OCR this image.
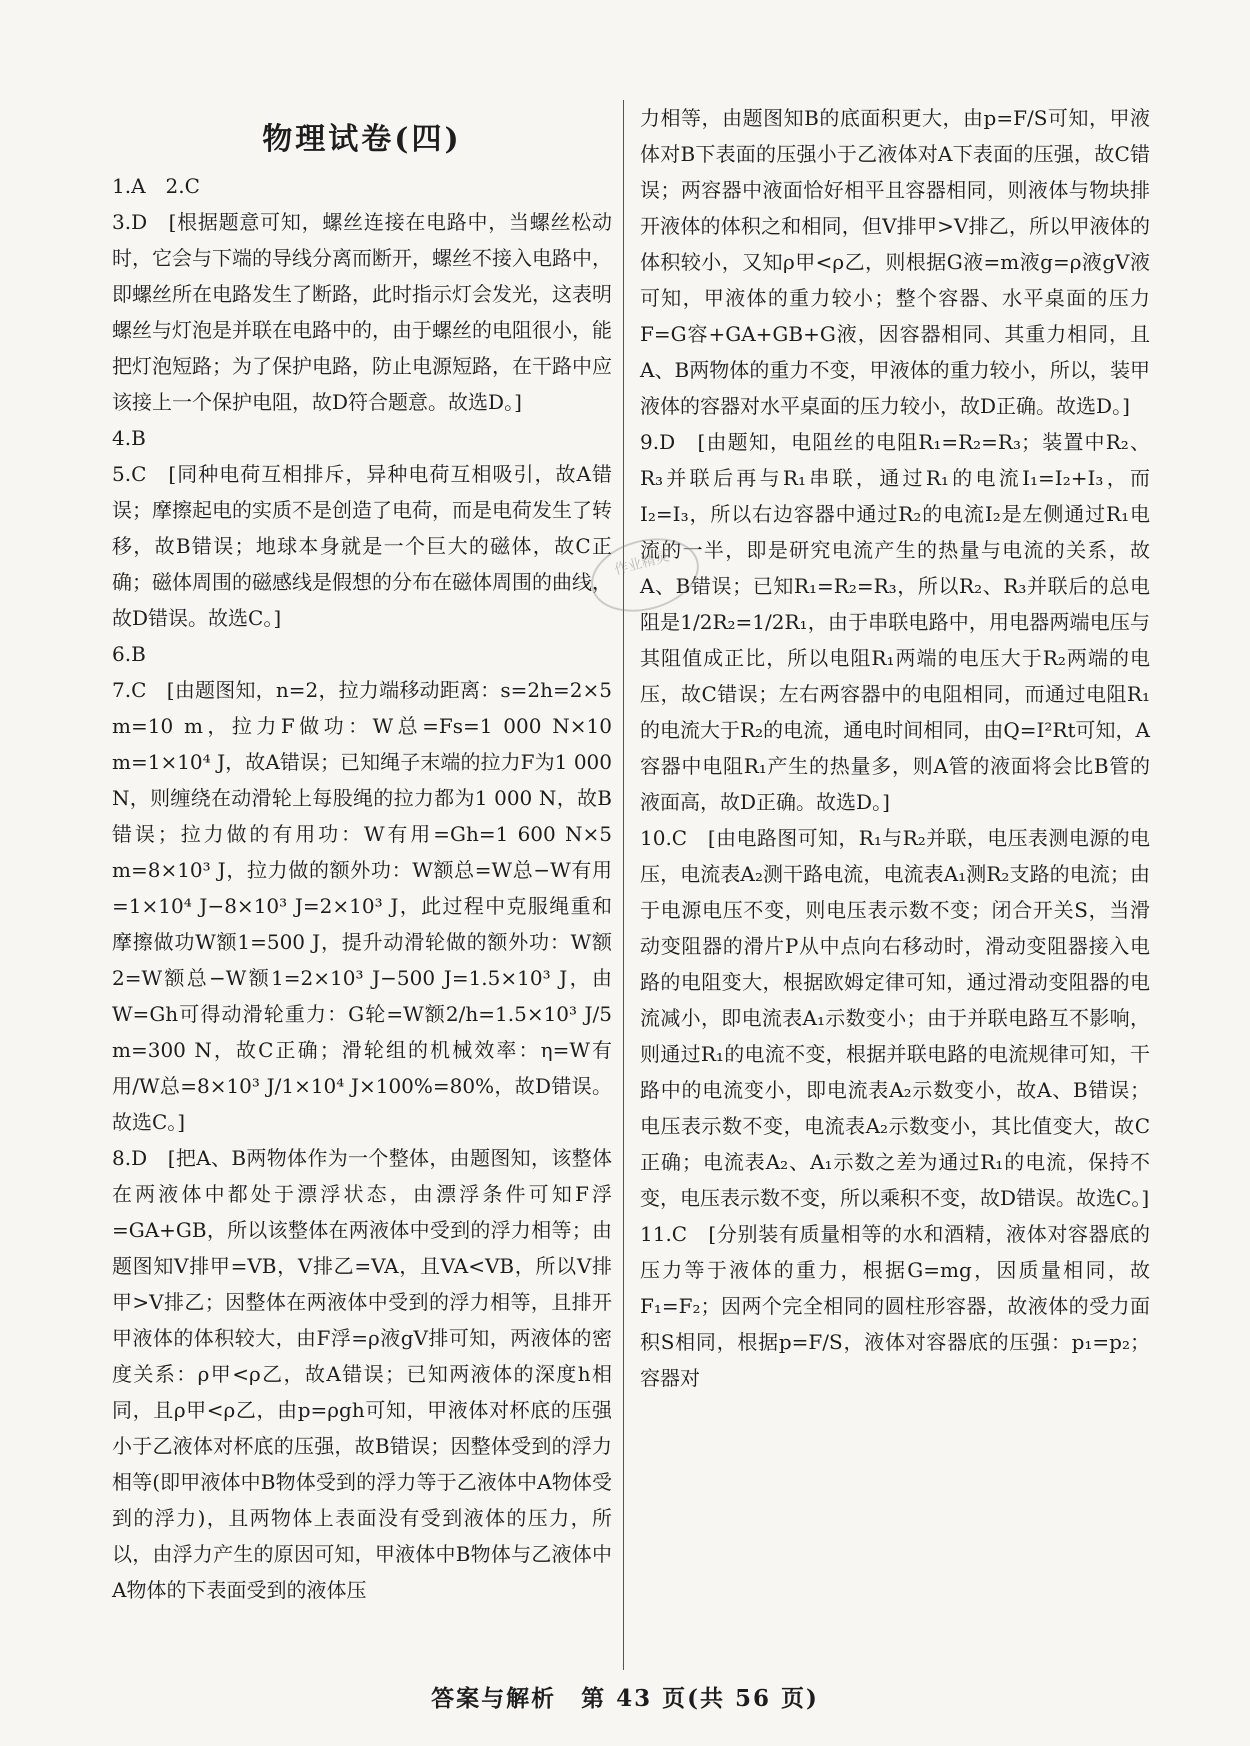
物理试卷(四)

1.A　2.C

3.D　[根据题意可知，螺丝连接在电路中，当螺丝松动时，它会与下端的导线分离而断开，螺丝不接入电路中，即螺丝所在电路发生了断路，此时指示灯会发光，这表明螺丝与灯泡是并联在电路中的，由于螺丝的电阻很小，能把灯泡短路；为了保护电路，防止电源短路，在干路中应该接上一个保护电阻，故D符合题意。故选D。]

4.B

5.C　[同种电荷互相排斥，异种电荷互相吸引，故A错误；摩擦起电的实质不是创造了电荷，而是电荷发生了转移，故B错误；地球本身就是一个巨大的磁体，故C正确；磁体周围的磁感线是假想的分布在磁体周围的曲线，故D错误。故选C。]

6.B

7.C　[由题图知，n=2，拉力端移动距离：s=2h=2×5 m=10 m，拉力F做功：W总=Fs=1 000 N×10 m=1×10⁴ J，故A错误；已知绳子末端的拉力F为1 000 N，则缠绕在动滑轮上每股绳的拉力都为1 000 N，故B错误；拉力做的有用功：W有用=Gh=1 600 N×5 m=8×10³ J，拉力做的额外功：W额总=W总−W有用=1×10⁴ J−8×10³ J=2×10³ J，此过程中克服绳重和摩擦做功W额1=500 J，提升动滑轮做的额外功：W额2=W额总−W额1=2×10³ J−500 J=1.5×10³ J，由W=Gh可得动滑轮重力：G轮=W额2/h=1.5×10³ J/5 m=300 N，故C正确；滑轮组的机械效率：η=W有用/W总=8×10³ J/1×10⁴ J×100%=80%，故D错误。故选C。]

8.D　[把A、B两物体作为一个整体，由题图知，该整体在两液体中都处于漂浮状态，由漂浮条件可知F浮=GA+GB，所以该整体在两液体中受到的浮力相等；由题图知V排甲=VB，V排乙=VA，且VA<VB，所以V排甲>V排乙；因整体在两液体中受到的浮力相等，且排开甲液体的体积较大，由F浮=ρ液gV排可知，两液体的密度关系：ρ甲<ρ乙，故A错误；已知两液体的深度h相同，且ρ甲<ρ乙，由p=ρgh可知，甲液体对杯底的压强小于乙液体对杯底的压强，故B错误；因整体受到的浮力相等(即甲液体中B物体受到的浮力等于乙液体中A物体受到的浮力)，且两物体上表面没有受到液体的压力，所以，由浮力产生的原因可知，甲液体中B物体与乙液体中A物体的下表面受到的液体压

力相等，由题图知B的底面积更大，由p=F/S可知，甲液体对B下表面的压强小于乙液体对A下表面的压强，故C错误；两容器中液面恰好相平且容器相同，则液体与物块排开液体的体积之和相同，但V排甲>V排乙，所以甲液体的体积较小，又知ρ甲<ρ乙，则根据G液=m液g=ρ液gV液可知，甲液体的重力较小；整个容器、水平桌面的压力F=G容+GA+GB+G液，因容器相同、其重力相同，且A、B两物体的重力不变，甲液体的重力较小，所以，装甲液体的容器对水平桌面的压力较小，故D正确。故选D。]

9.D　[由题知，电阻丝的电阻R₁=R₂=R₃；装置中R₂、R₃并联后再与R₁串联，通过R₁的电流I₁=I₂+I₃，而I₂=I₃，所以右边容器中通过R₂的电流I₂是左侧通过R₁电流的一半，即是研究电流产生的热量与电流的关系，故A、B错误；已知R₁=R₂=R₃，所以R₂、R₃并联后的总电阻是1/2R₂=1/2R₁，由于串联电路中，用电器两端电压与其阻值成正比，所以电阻R₁两端的电压大于R₂两端的电压，故C错误；左右两容器中的电阻相同，而通过电阻R₁的电流大于R₂的电流，通电时间相同，由Q=I²Rt可知，A容器中电阻R₁产生的热量多，则A管的液面将会比B管的液面高，故D正确。故选D。]

10.C　[由电路图可知，R₁与R₂并联，电压表测电源的电压，电流表A₂测干路电流，电流表A₁测R₂支路的电流；由于电源电压不变，则电压表示数不变；闭合开关S，当滑动变阻器的滑片P从中点向右移动时，滑动变阻器接入电路的电阻变大，根据欧姆定律可知，通过滑动变阻器的电流减小，即电流表A₁示数变小；由于并联电路互不影响，则通过R₁的电流不变，根据并联电路的电流规律可知，干路中的电流变小，即电流表A₂示数变小，故A、B错误；电压表示数不变，电流表A₂示数变小，其比值变大，故C正确；电流表A₂、A₁示数之差为通过R₁的电流，保持不变，电压表示数不变，所以乘积不变，故D错误。故选C。]

11.C　[分别装有质量相等的水和酒精，液体对容器底的压力等于液体的重力，根据G=mg，因质量相同，故F₁=F₂；因两个完全相同的圆柱形容器，故液体的受力面积S相同，根据p=F/S，液体对容器底的压强：p₁=p₂；容器对

作业精灵
答案与解析　第 43 页(共 56 页)
